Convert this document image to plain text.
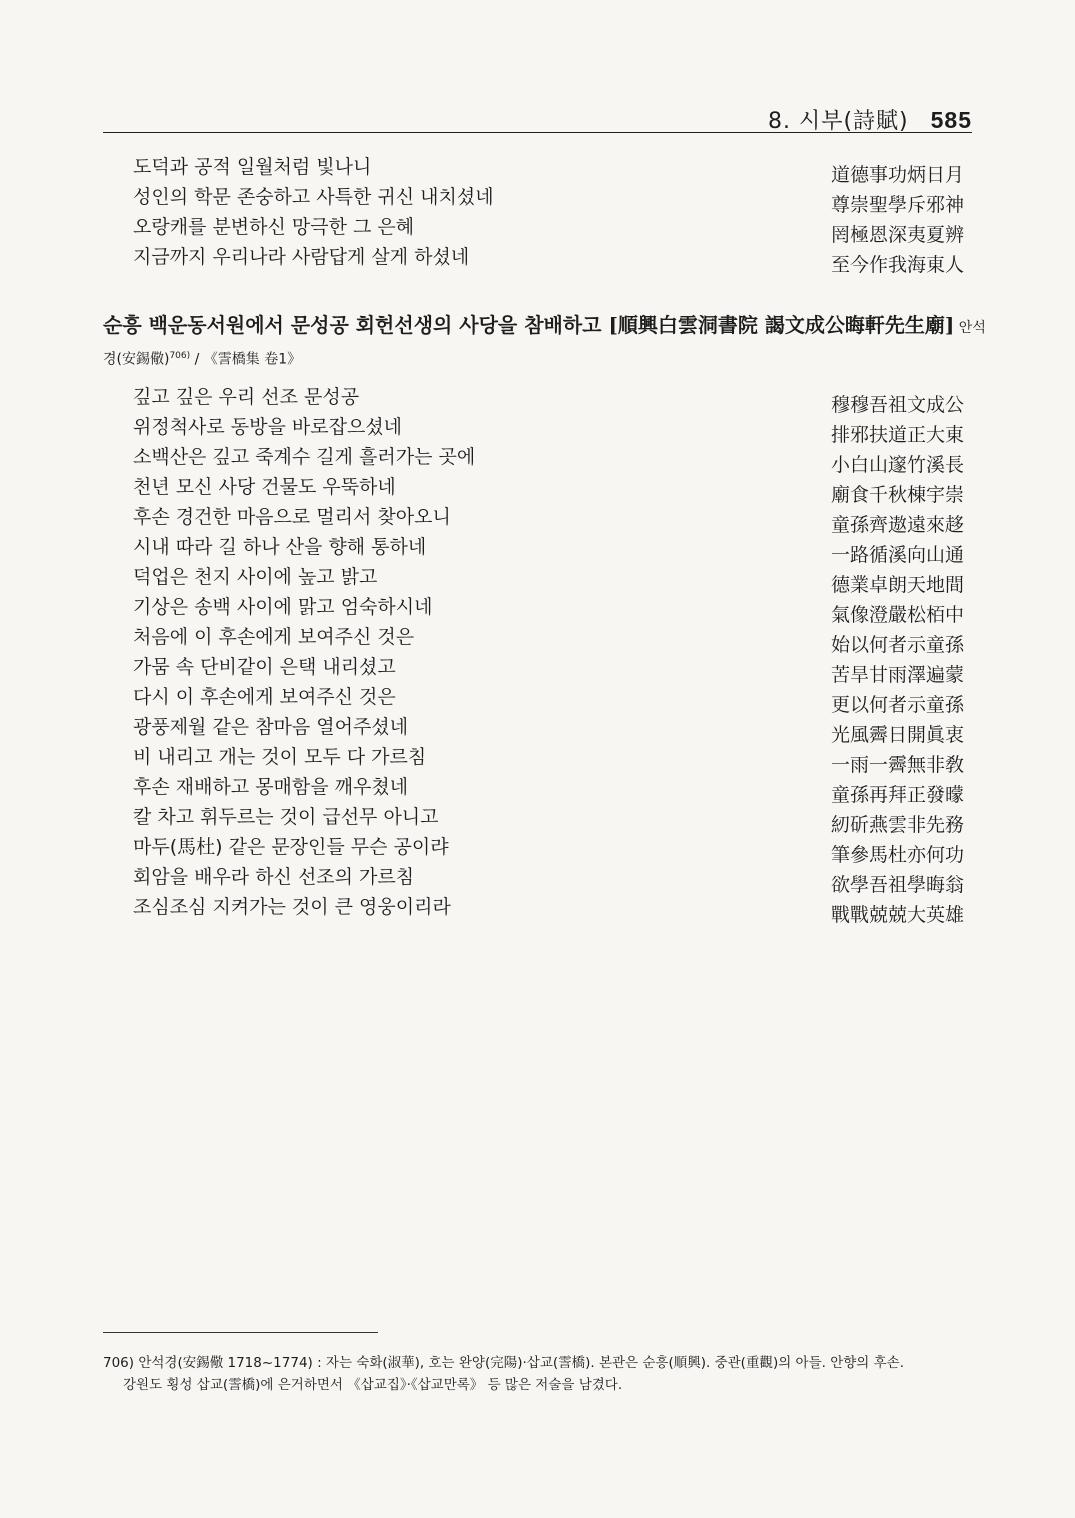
8. 시부(詩賦) 585
도덕과 공적 일월처럼 빛나니	道德事功炳日月
성인의 학문 존숭하고 사특한 귀신 내치셨네	尊崇聖學斥邪神
오랑캐를 분변하신 망극한 그 은혜	罔極恩深夷夏辨
지금까지 우리나라 사람답게 살게 하셨네	至今作我海東人
순흥 백운동서원에서 문성공 회헌선생의 사당을 참배하고 [順興白雲洞書院 謁文成公晦軒先生廟] 안석
경(安錫儆)$^{706)}$ / 《霅橋集 卷1》
깊고 깊은 우리 선조 문성공	穆穆吾祖文成公
위정척사로 동방을 바로잡으셨네	排邪扶道正大東
소백산은 깊고 죽계수 길게 흘러가는 곳에	小白山邃竹溪長
천년 모신 사당 건물도 우뚝하네	廟食千秋棟宇崇
후손 경건한 마음으로 멀리서 찾아오니	童孫齊遨遠來趍
시내 따라 길 하나 산을 향해 통하네	一路循溪向山通
덕업은 천지 사이에 높고 밝고	德業卓朗天地間
기상은 송백 사이에 맑고 엄숙하시네	氣像澄嚴松栢中
처음에 이 후손에게 보여주신 것은	始以何者示童孫
가뭄 속 단비같이 은택 내리셨고	苦旱甘雨澤遍蒙
다시 이 후손에게 보여주신 것은	更以何者示童孫
광풍제월 같은 참마음 열어주셨네	光風霽日開眞衷
비 내리고 개는 것이 모두 다 가르침	一雨一霽無非敎
후손 재배하고 몽매함을 깨우쳤네	童孫再拜正發曚
칼 차고 휘두르는 것이 급선무 아니고	紉斫燕雲非先務
마두(馬杜) 같은 문장인들 무슨 공이랴	筆參馬杜亦何功
회암을 배우라 하신 선조의 가르침	欲學吾祖學晦翁
조심조심 지켜가는 것이 큰 영웅이리라	戰戰兢兢大英雄
706) 안석경(安錫儆 1718~1774) : 자는 숙화(淑華), 호는 완양(完陽)·삽교(霅橋). 본관은 순흥(順興). 중관(重觀)의 아들. 안향의 후손.
강원도 횡성 삽교(霅橋)에 은거하면서 《삽교집》·《삽교만록》 등 많은 저술을 남겼다.
